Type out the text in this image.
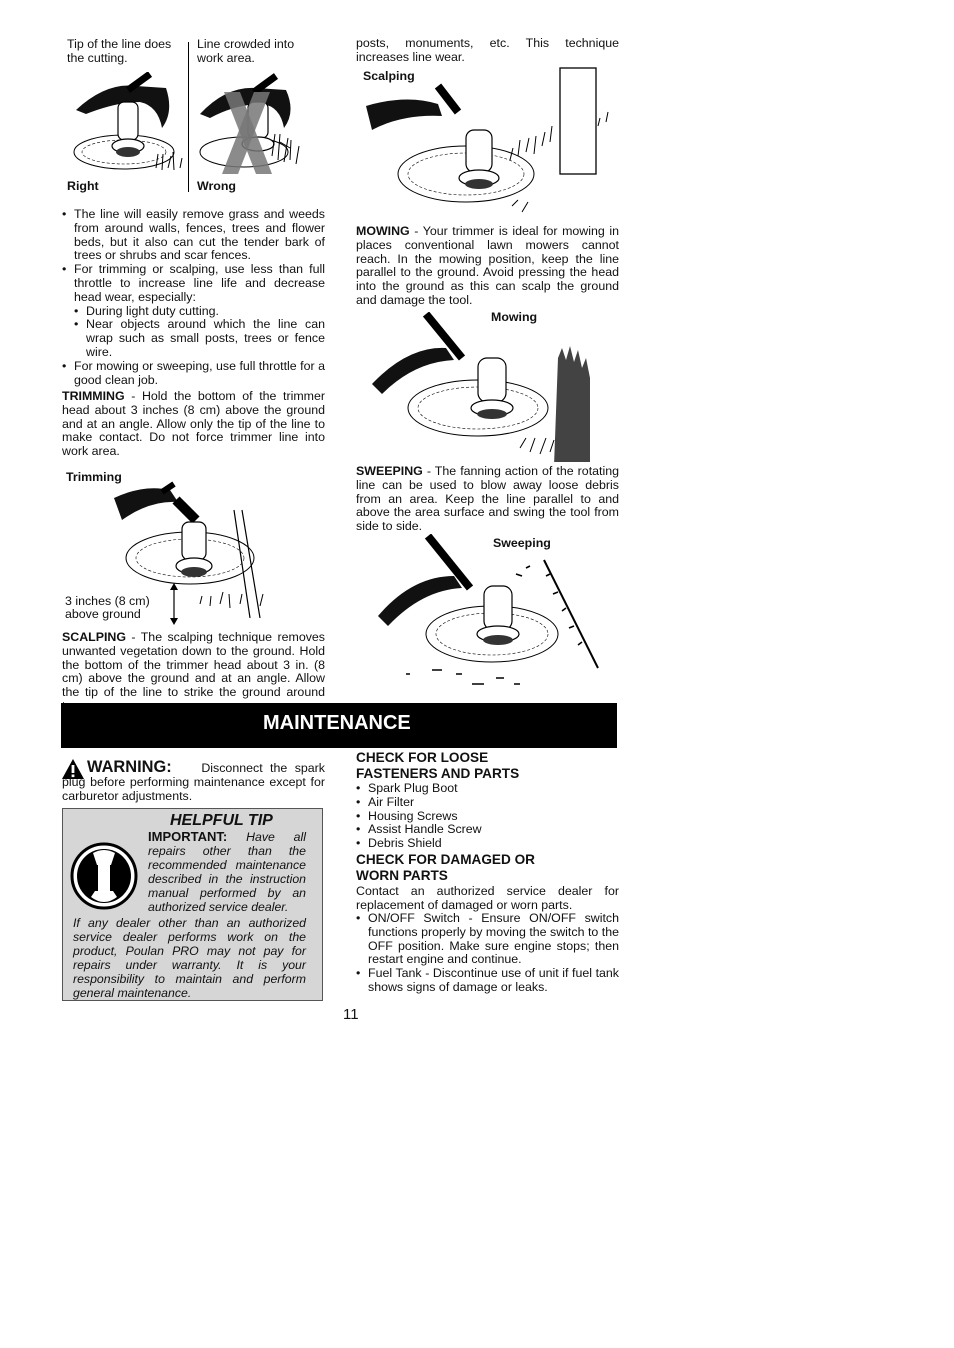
Tip of the line does the cutting.
Line crowded into work area.
Right	Wrong
• The line will easily remove grass and weeds from around walls, fences, trees and flower beds, but it also can cut the tender bark of trees or shrubs and scar fences.
• For trimming or scalping, use less than full throttle to increase line life and decrease head wear, especially:
• During light duty cutting.
• Near objects around which the line can wrap such as small posts, trees or fence wire.
• For mowing or sweeping, use full throttle for a good clean job.
TRIMMING - Hold the bottom of the trimmer head about 3 inches (8 cm) above the ground and at an angle. Allow only the tip of the line to make contact. Do not force trimmer line into work area.
Trimming
3 inches (8 cm)
above ground
SCALPING - The scalping technique removes unwanted vegetation down to the ground. Hold the bottom of the trimmer head about 3 in. (8 cm) above the ground and at an angle. Allow the tip of the line to strike the ground around
posts, monuments, etc. This technique increases line wear.
Scalping
MOWING - Your trimmer is ideal for mowing in places conventional lawn mowers cannot reach. In the mowing position, keep the line parallel to the ground. Avoid pressing the head into the ground as this can scalp the ground and damage the tool.
Mowing
SWEEPING - The fanning action of the rotating line can be used to blow away loose debris from an area. Keep the line parallel to and above the area surface and swing the tool from side to side.
Sweeping
MAINTENANCE
WARNING: Disconnect the spark plug before performing maintenance except for carburetor adjustments.
HELPFUL TIP
IMPORTANT: Have all repairs other than the recommended maintenance described in the instruction manual performed by an authorized service dealer.
If any dealer other than an authorized service dealer performs work on the product, Poulan PRO may not pay for repairs under warranty. It is your responsibility to maintain and perform general maintenance.
CHECK FOR LOOSE
FASTENERS AND PARTS
• Spark Plug Boot
• Air Filter
• Housing Screws
• Assist Handle Screw
• Debris Shield
CHECK FOR DAMAGED OR
WORN PARTS
Contact an authorized service dealer for replacement of damaged or worn parts.
• ON/OFF Switch - Ensure ON/OFF switch functions properly by moving the switch to the OFF position. Make sure engine stops; then restart engine and continue.
• Fuel Tank - Discontinue use of unit if fuel tank shows signs of damage or leaks.
11
